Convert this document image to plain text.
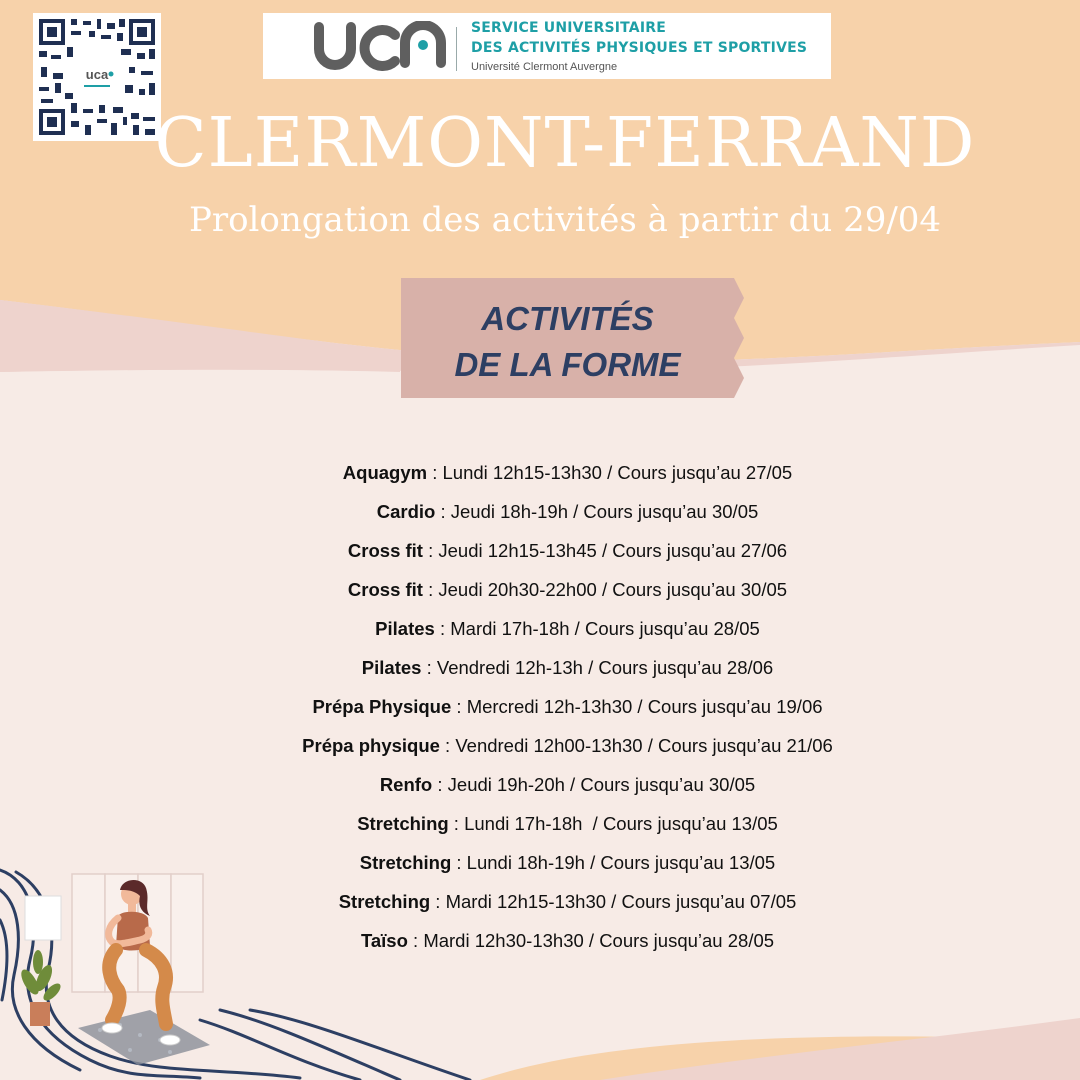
uca
SERVICE UNIVERSITAIRE
DES ACTIVITÉS PHYSIQUES ET SPORTIVES
Université Clermont Auvergne
CLERMONT-FERRAND
Prolongation des activités à partir du 29/04
ACTIVITÉS
DE LA FORME
Aquagym : Lundi 12h15-13h30 / Cours jusqu’au 27/05
Cardio : Jeudi 18h-19h / Cours jusqu’au 30/05
Cross fit : Jeudi 12h15-13h45 / Cours jusqu’au 27/06
Cross fit : Jeudi 20h30-22h00 / Cours jusqu’au 30/05
Pilates : Mardi 17h-18h / Cours jusqu’au 28/05
Pilates : Vendredi 12h-13h / Cours jusqu’au 28/06
Prépa Physique : Mercredi 12h-13h30 / Cours jusqu’au 19/06
Prépa physique : Vendredi 12h00-13h30 / Cours jusqu’au 21/06
Renfo : Jeudi 19h-20h / Cours jusqu’au 30/05
Stretching : Lundi 17h-18h  / Cours jusqu’au 13/05
Stretching : Lundi 18h-19h / Cours jusqu’au 13/05
Stretching : Mardi 12h15-13h30 / Cours jusqu’au 07/05
Taïso : Mardi 12h30-13h30 / Cours jusqu’au 28/05
